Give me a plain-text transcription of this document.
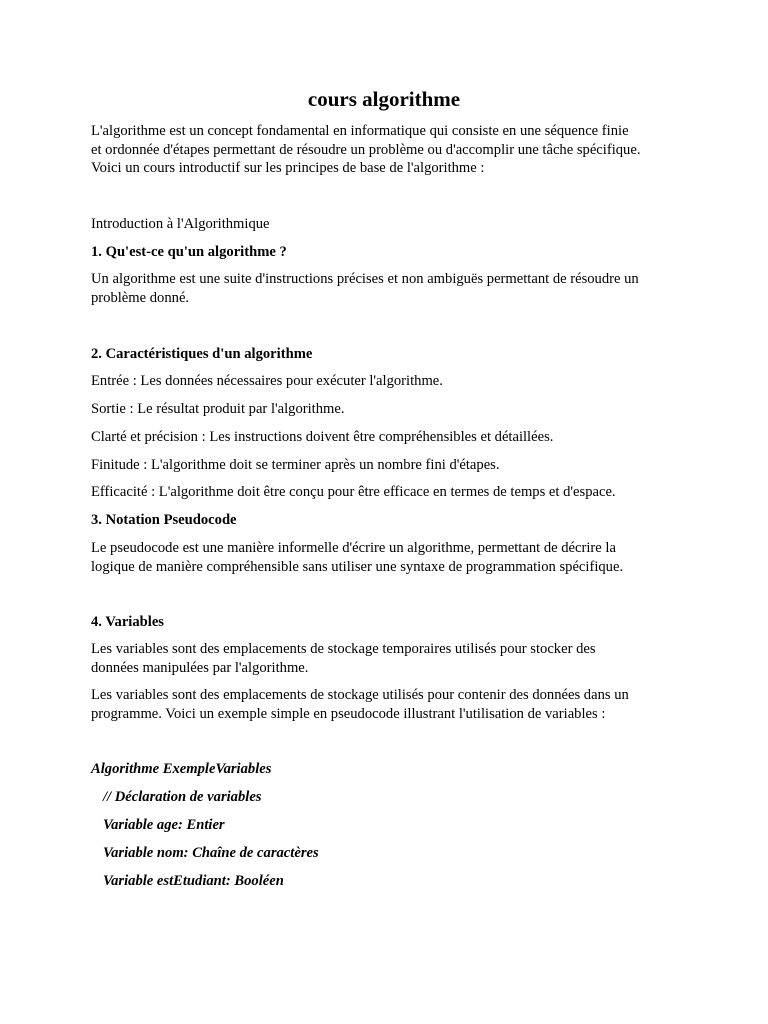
cours algorithme
L'algorithme est un concept fondamental en informatique qui consiste en une séquence finie
et ordonnée d'étapes permettant de résoudre un problème ou d'accomplir une tâche spécifique.
Voici un cours introductif sur les principes de base de l'algorithme :
Introduction à l'Algorithmique
1. Qu'est-ce qu'un algorithme ?
Un algorithme est une suite d'instructions précises et non ambiguës permettant de résoudre un
problème donné.
2. Caractéristiques d'un algorithme
Entrée : Les données nécessaires pour exécuter l'algorithme.
Sortie : Le résultat produit par l'algorithme.
Clarté et précision : Les instructions doivent être compréhensibles et détaillées.
Finitude : L'algorithme doit se terminer après un nombre fini d'étapes.
Efficacité : L'algorithme doit être conçu pour être efficace en termes de temps et d'espace.
3. Notation Pseudocode
Le pseudocode est une manière informelle d'écrire un algorithme, permettant de décrire la
logique de manière compréhensible sans utiliser une syntaxe de programmation spécifique.
4. Variables
Les variables sont des emplacements de stockage temporaires utilisés pour stocker des
données manipulées par l'algorithme.
Les variables sont des emplacements de stockage utilisés pour contenir des données dans un
programme. Voici un exemple simple en pseudocode illustrant l'utilisation de variables :
Algorithme ExempleVariables
// Déclaration de variables
Variable age: Entier
Variable nom: Chaîne de caractères
Variable estEtudiant: Booléen
